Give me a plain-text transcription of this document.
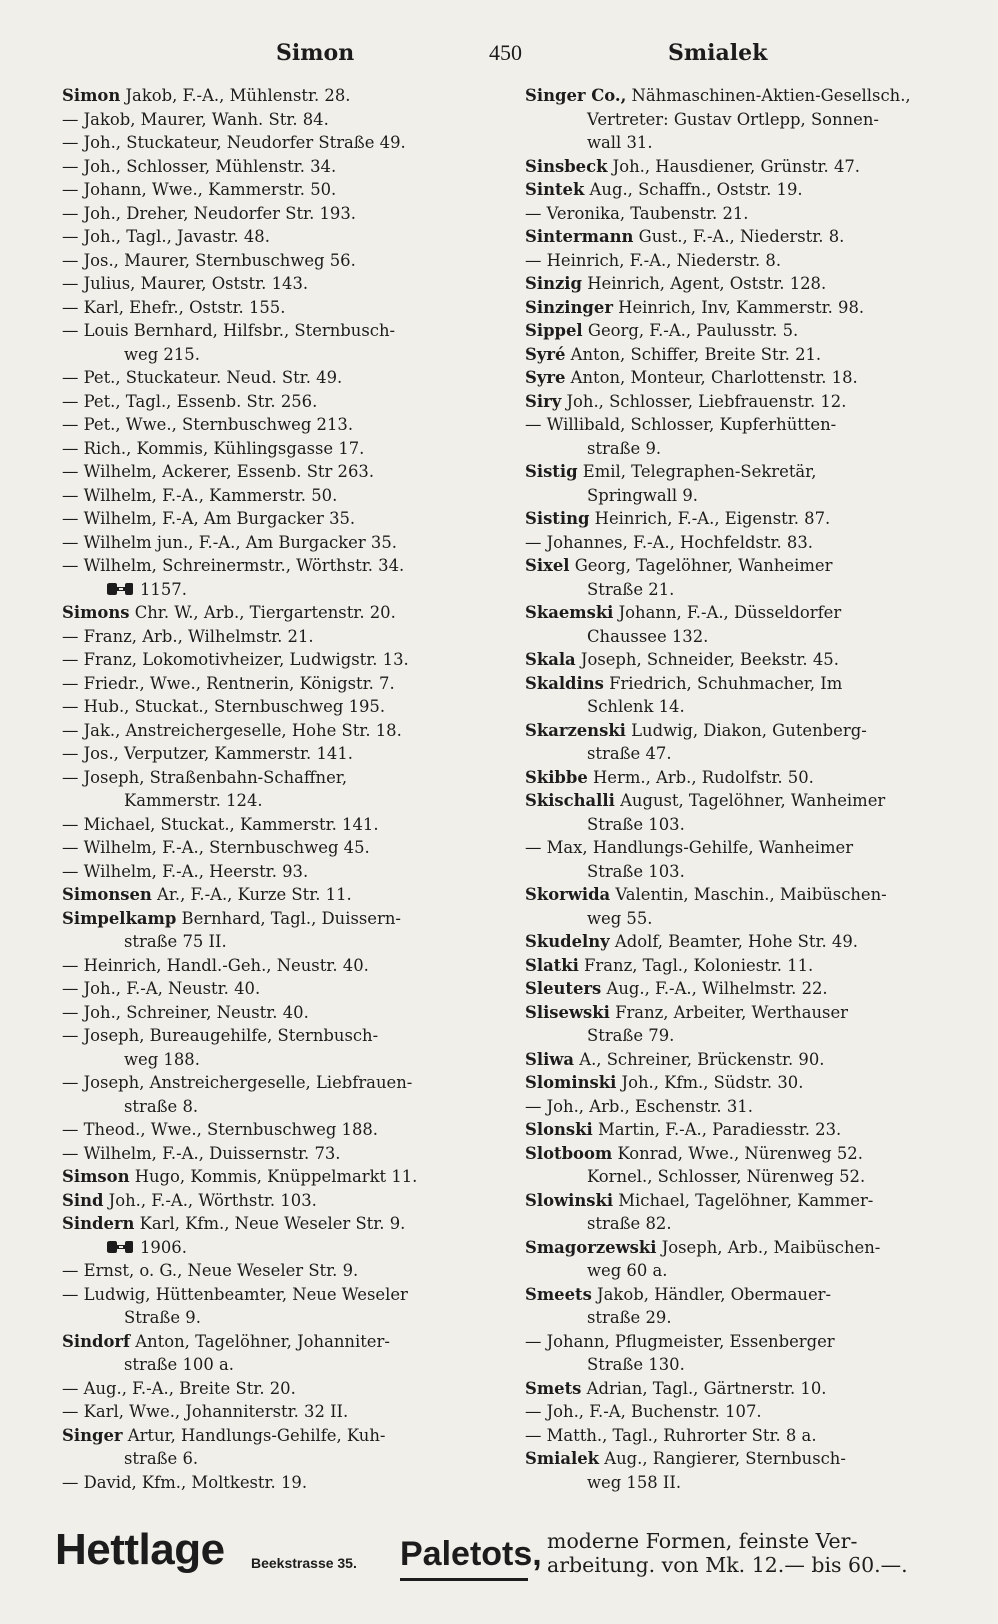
Simon	450	Smialek
Simon Jakob, F.-A., Mühlenstr. 28.
— Jakob, Maurer, Wanh. Str. 84.
— Joh., Stuckateur, Neudorfer Straße 49.
— Joh., Schlosser, Mühlenstr. 34.
— Johann, Wwe., Kammerstr. 50.
— Joh., Dreher, Neudorfer Str. 193.
— Joh., Tagl., Javastr. 48.
— Jos., Maurer, Sternbuschweg 56.
— Julius, Maurer, Oststr. 143.
— Karl, Ehefr., Oststr. 155.
— Louis Bernhard, Hilfsbr., Sternbusch-
weg 215.
— Pet., Stuckateur. Neud. Str. 49.
— Pet., Tagl., Essenb. Str. 256.
— Pet., Wwe., Sternbuschweg 213.
— Rich., Kommis, Kühlingsgasse 17.
— Wilhelm, Ackerer, Essenb. Str 263.
— Wilhelm, F.-A., Kammerstr. 50.
— Wilhelm, F.-A, Am Burgacker 35.
— Wilhelm jun., F.-A., Am Burgacker 35.
— Wilhelm, Schreinermstr., Wörthstr. 34.
1157.
Simons Chr. W., Arb., Tiergartenstr. 20.
— Franz, Arb., Wilhelmstr. 21.
— Franz, Lokomotivheizer, Ludwigstr. 13.
— Friedr., Wwe., Rentnerin, Königstr. 7.
— Hub., Stuckat., Sternbuschweg 195.
— Jak., Anstreichergeselle, Hohe Str. 18.
— Jos., Verputzer, Kammerstr. 141.
— Joseph, Straßenbahn-Schaffner,
Kammerstr. 124.
— Michael, Stuckat., Kammerstr. 141.
— Wilhelm, F.-A., Sternbuschweg 45.
— Wilhelm, F.-A., Heerstr. 93.
Simonsen Ar., F.-A., Kurze Str. 11.
Simpelkamp Bernhard, Tagl., Duissern-
straße 75 II.
— Heinrich, Handl.-Geh., Neustr. 40.
— Joh., F.-A, Neustr. 40.
— Joh., Schreiner, Neustr. 40.
— Joseph, Bureaugehilfe, Sternbusch-
weg 188.
— Joseph, Anstreichergeselle, Liebfrauen-
straße 8.
— Theod., Wwe., Sternbuschweg 188.
— Wilhelm, F.-A., Duissernstr. 73.
Simson Hugo, Kommis, Knüppelmarkt 11.
Sind Joh., F.-A., Wörthstr. 103.
Sindern Karl, Kfm., Neue Weseler Str. 9.
1906.
— Ernst, o. G., Neue Weseler Str. 9.
— Ludwig, Hüttenbeamter, Neue Weseler
Straße 9.
Sindorf Anton, Tagelöhner, Johanniter-
straße 100 a.
— Aug., F.-A., Breite Str. 20.
— Karl, Wwe., Johanniterstr. 32 II.
Singer Artur, Handlungs-Gehilfe, Kuh-
straße 6.
— David, Kfm., Moltkestr. 19.
Singer Co., Nähmaschinen-Aktien-Gesellsch.,
Vertreter: Gustav Ortlepp, Sonnen-
wall 31.
Sinsbeck Joh., Hausdiener, Grünstr. 47.
Sintek Aug., Schaffn., Oststr. 19.
— Veronika, Taubenstr. 21.
Sintermann Gust., F.-A., Niederstr. 8.
— Heinrich, F.-A., Niederstr. 8.
Sinzig Heinrich, Agent, Oststr. 128.
Sinzinger Heinrich, Inv, Kammerstr. 98.
Sippel Georg, F.-A., Paulusstr. 5.
Syré Anton, Schiffer, Breite Str. 21.
Syre Anton, Monteur, Charlottenstr. 18.
Siry Joh., Schlosser, Liebfrauenstr. 12.
— Willibald, Schlosser, Kupferhütten-
straße 9.
Sistig Emil, Telegraphen-Sekretär,
Springwall 9.
Sisting Heinrich, F.-A., Eigenstr. 87.
— Johannes, F.-A., Hochfeldstr. 83.
Sixel Georg, Tagelöhner, Wanheimer
Straße 21.
Skaemski Johann, F.-A., Düsseldorfer
Chaussee 132.
Skala Joseph, Schneider, Beekstr. 45.
Skaldins Friedrich, Schuhmacher, Im
Schlenk 14.
Skarzenski Ludwig, Diakon, Gutenberg-
straße 47.
Skibbe Herm., Arb., Rudolfstr. 50.
Skischalli August, Tagelöhner, Wanheimer
Straße 103.
— Max, Handlungs-Gehilfe, Wanheimer
Straße 103.
Skorwida Valentin, Maschin., Maibüschen-
weg 55.
Skudelny Adolf, Beamter, Hohe Str. 49.
Slatki Franz, Tagl., Koloniestr. 11.
Sleuters Aug., F.-A., Wilhelmstr. 22.
Slisewski Franz, Arbeiter, Werthauser
Straße 79.
Sliwa A., Schreiner, Brückenstr. 90.
Slominski Joh., Kfm., Südstr. 30.
— Joh., Arb., Eschenstr. 31.
Slonski Martin, F.-A., Paradiesstr. 23.
Slotboom Konrad, Wwe., Nürenweg 52.
Kornel., Schlosser, Nürenweg 52.
Slowinski Michael, Tagelöhner, Kammer-
straße 82.
Smagorzewski Joseph, Arb., Maibüschen-
weg 60 a.
Smeets Jakob, Händler, Obermauer-
straße 29.
— Johann, Pflugmeister, Essenberger
Straße 130.
Smets Adrian, Tagl., Gärtnerstr. 10.
— Joh., F.-A, Buchenstr. 107.
— Matth., Tagl., Ruhrorter Str. 8 a.
Smialek Aug., Rangierer, Sternbusch-
weg 158 II.
Hettlage Beekstrasse 35. Paletots, moderne Formen, feinste Ver-
arbeitung. von Mk. 12.— bis 60.—.
